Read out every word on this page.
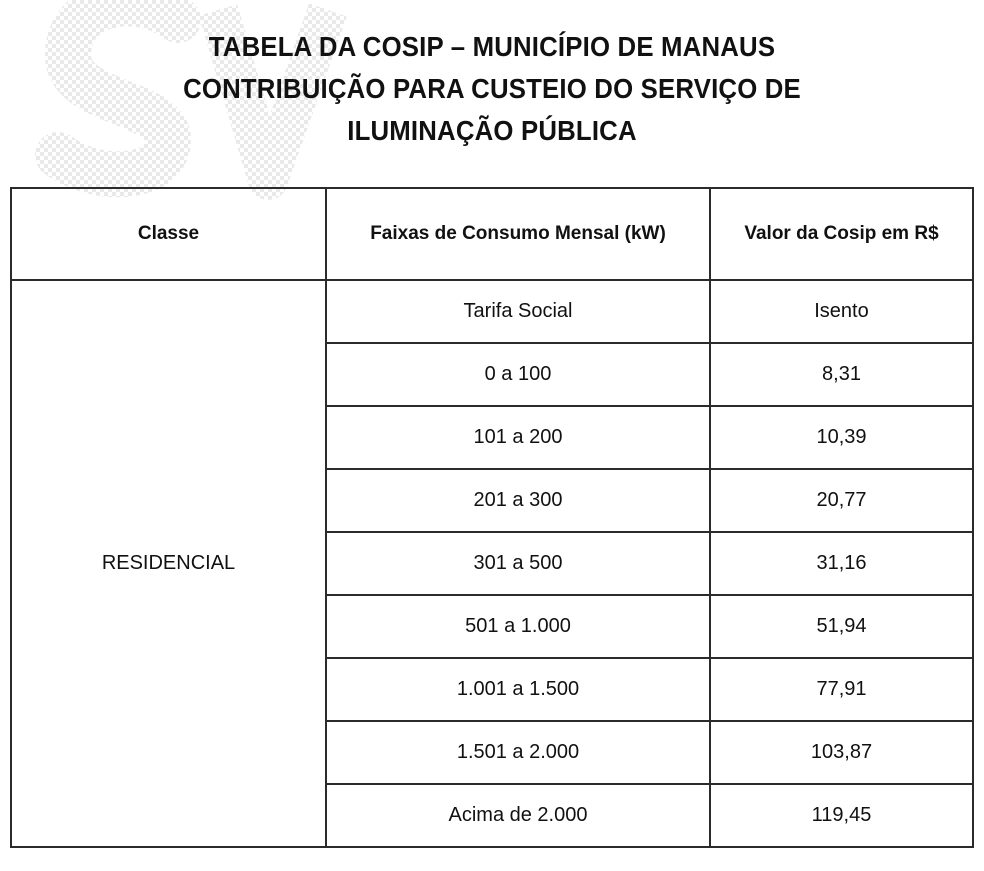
TABELA DA COSIP – MUNICÍPIO DE MANAUS
CONTRIBUIÇÃO PARA CUSTEIO DO SERVIÇO DE
ILUMINAÇÃO PÚBLICA
Classe	Faixas de Consumo Mensal (kW)	Valor da Cosip em R$
RESIDENCIAL	Tarifa Social	Isento
	0 a 100	8,31
	101 a 200	10,39
	201 a 300	20,77
	301 a 500	31,16
	501 a 1.000	51,94
	1.001 a 1.500	77,91
	1.501 a 2.000	103,87
	Acima de 2.000	119,45
